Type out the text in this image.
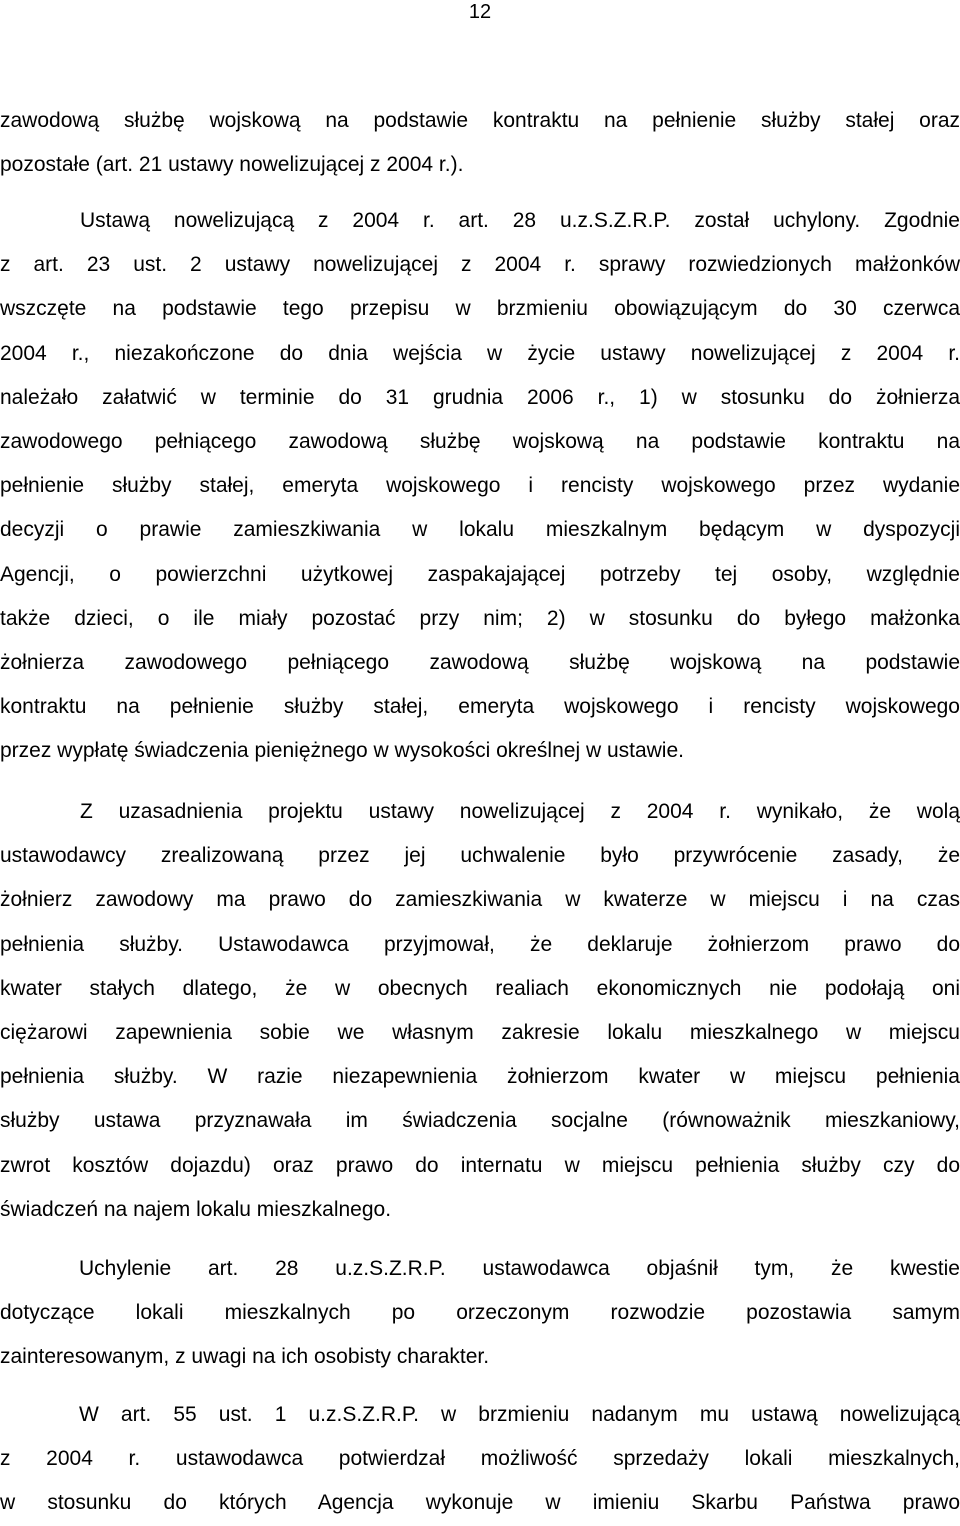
12
zawodową służbę wojskową na podstawie kontraktu na pełnienie służby stałej oraz
pozostałe (art. 21 ustawy nowelizującej z 2004 r.).
Ustawą nowelizującą z 2004 r. art. 28 u.z.S.Z.R.P. został uchylony. Zgodnie
z art. 23 ust. 2 ustawy nowelizującej z 2004 r. sprawy rozwiedzionych małżonków
wszczęte na podstawie tego przepisu w brzmieniu obowiązującym do 30 czerwca
2004 r., niezakończone do dnia wejścia w życie ustawy nowelizującej z 2004 r.
należało załatwić w terminie do 31 grudnia 2006 r., 1) w stosunku do żołnierza
zawodowego pełniącego zawodową służbę wojskową na podstawie kontraktu na
pełnienie służby stałej, emeryta wojskowego i rencisty wojskowego przez wydanie
decyzji o prawie zamieszkiwania w lokalu mieszkalnym będącym w dyspozycji
Agencji, o powierzchni użytkowej zaspakajającej potrzeby tej osoby, względnie
także dzieci, o ile miały pozostać przy nim; 2) w stosunku do byłego małżonka
żołnierza zawodowego pełniącego zawodową służbę wojskową na podstawie
kontraktu na pełnienie służby stałej, emeryta wojskowego i rencisty wojskowego
przez wypłatę świadczenia pieniężnego w wysokości określnej w ustawie.
Z uzasadnienia projektu ustawy nowelizującej z 2004 r. wynikało, że wolą
ustawodawcy zrealizowaną przez jej uchwalenie było przywrócenie zasady, że
żołnierz zawodowy ma prawo do zamieszkiwania w kwaterze w miejscu i na czas
pełnienia służby. Ustawodawca przyjmował, że deklaruje żołnierzom prawo do
kwater stałych dlatego, że w obecnych realiach ekonomicznych nie podołają oni
ciężarowi zapewnienia sobie we własnym zakresie lokalu mieszkalnego w miejscu
pełnienia służby. W razie niezapewnienia żołnierzom kwater w miejscu pełnienia
służby ustawa przyznawała im świadczenia socjalne (równoważnik mieszkaniowy,
zwrot kosztów dojazdu) oraz prawo do internatu w miejscu pełnienia służby czy do
świadczeń na najem lokalu mieszkalnego.
Uchylenie art. 28 u.z.S.Z.R.P. ustawodawca objaśnił tym, że kwestie
dotyczące lokali mieszkalnych po orzeczonym rozwodzie pozostawia samym
zainteresowanym, z uwagi na ich osobisty charakter.
W art. 55 ust. 1 u.z.S.Z.R.P. w brzmieniu nadanym mu ustawą nowelizującą
z 2004 r. ustawodawca potwierdzał możliwość sprzedaży lokali mieszkalnych,
w stosunku do których Agencja wykonuje w imieniu Skarbu Państwa prawo
